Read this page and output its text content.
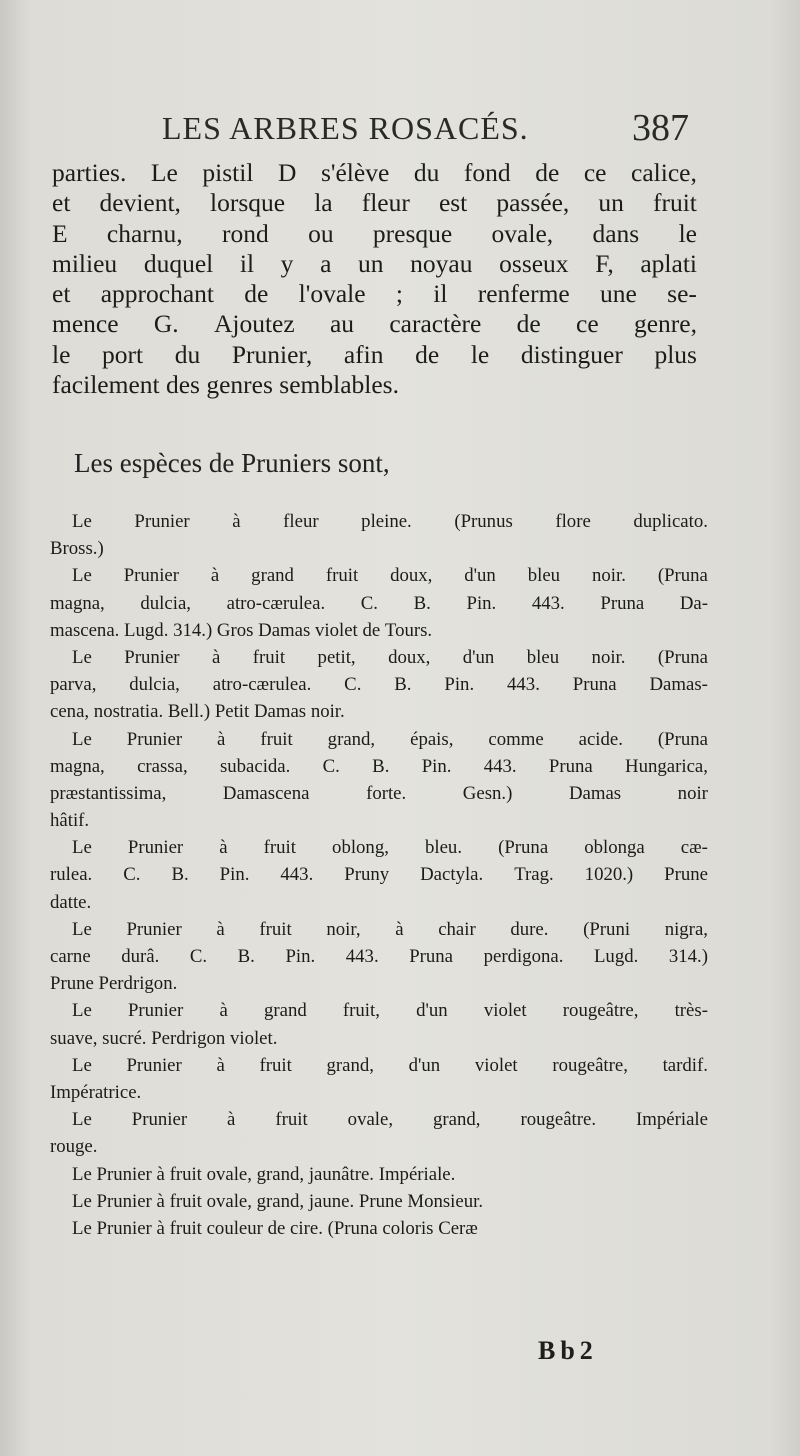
LES ARBRES ROSACÉS.	387
parties. Le pistil D s'élève du fond de ce calice,
et devient, lorsque la fleur est passée, un fruit
E charnu, rond ou presque ovale, dans le
milieu duquel il y a un noyau osseux F, aplati
et approchant de l'ovale ; il renferme une se-
mence G. Ajoutez au caractère de ce genre,
le port du Prunier, afin de le distinguer plus
facilement des genres semblables.
Les espèces de Pruniers sont,
Le Prunier à fleur pleine. (Prunus flore duplicato.
Bross.)
Le Prunier à grand fruit doux, d'un bleu noir. (Pruna
magna, dulcia, atro-cærulea. C. B. Pin. 443. Pruna Da-
mascena. Lugd. 314.) Gros Damas violet de Tours.
Le Prunier à fruit petit, doux, d'un bleu noir. (Pruna
parva, dulcia, atro-cærulea. C. B. Pin. 443. Pruna Damas-
cena, nostratia. Bell.) Petit Damas noir.
Le Prunier à fruit grand, épais, comme acide. (Pruna
magna, crassa, subacida. C. B. Pin. 443. Pruna Hungarica,
præstantissima,	Damascena	forte.	Gesn.)	Damas	noir
hâtif.
Le Prunier à fruit oblong, bleu. (Pruna oblonga cæ-
rulea. C. B. Pin. 443. Pruny Dactyla. Trag. 1020.) Prune
datte.
Le Prunier à fruit noir, à chair dure. (Pruni nigra,
carne durâ. C. B. Pin. 443. Pruna perdigona. Lugd. 314.)
Prune Perdrigon.
Le Prunier à grand fruit, d'un violet rougeâtre, très-
suave, sucré. Perdrigon violet.
Le Prunier à fruit grand, d'un violet rougeâtre, tardif.
Impératrice.
Le Prunier à fruit ovale, grand, rougeâtre. Impériale
rouge.
Le Prunier à fruit ovale, grand, jaunâtre. Impériale.
Le Prunier à fruit ovale, grand, jaune. Prune Monsieur.
Le Prunier à fruit couleur de cire. (Pruna coloris Ceræ
Bb2
